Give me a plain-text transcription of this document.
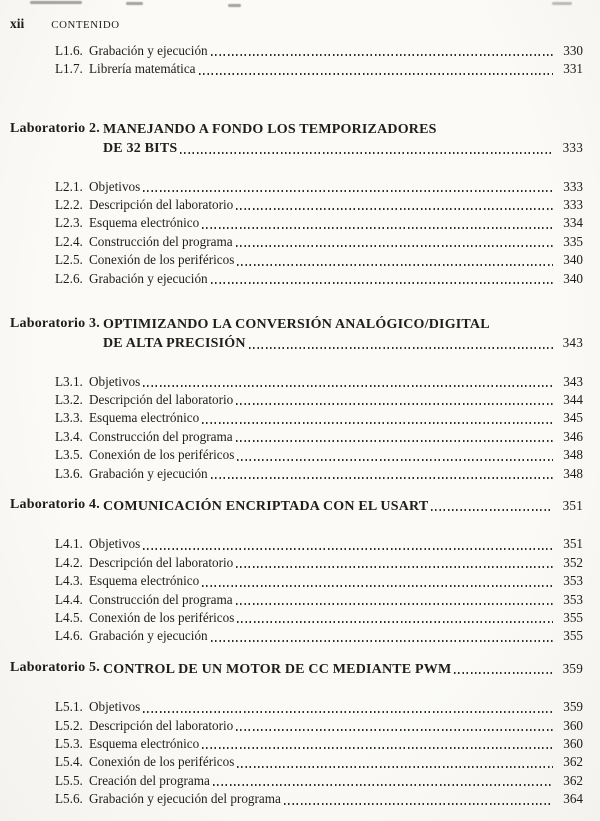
xii	CONTENIDO
L1.6. Grabación y ejecución	330
L1.7. Librería matemática	331
Laboratorio 2. MANEJANDO A FONDO LOS TEMPORIZADORES
DE 32 BITS	333
L2.1. Objetivos	333
L2.2. Descripción del laboratorio	333
L2.3. Esquema electrónico	334
L2.4. Construcción del programa	335
L2.5. Conexión de los periféricos	340
L2.6. Grabación y ejecución	340
Laboratorio 3. OPTIMIZANDO LA CONVERSIÓN ANALÓGICO/DIGITAL
DE ALTA PRECISIÓN	343
L3.1. Objetivos	343
L3.2. Descripción del laboratorio	344
L3.3. Esquema electrónico	345
L3.4. Construcción del programa	346
L3.5. Conexión de los periféricos	348
L3.6. Grabación y ejecución	348
Laboratorio 4. COMUNICACIÓN ENCRIPTADA CON EL USART	351
L4.1. Objetivos	351
L4.2. Descripción del laboratorio	352
L4.3. Esquema electrónico	353
L4.4. Construcción del programa	353
L4.5. Conexión de los periféricos	355
L4.6. Grabación y ejecución	355
Laboratorio 5. CONTROL DE UN MOTOR DE CC MEDIANTE PWM	359
L5.1. Objetivos	359
L5.2. Descripción del laboratorio	360
L5.3. Esquema electrónico	360
L5.4. Conexión de los periféricos	362
L5.5. Creación del programa	362
L5.6. Grabación y ejecución del programa	364
